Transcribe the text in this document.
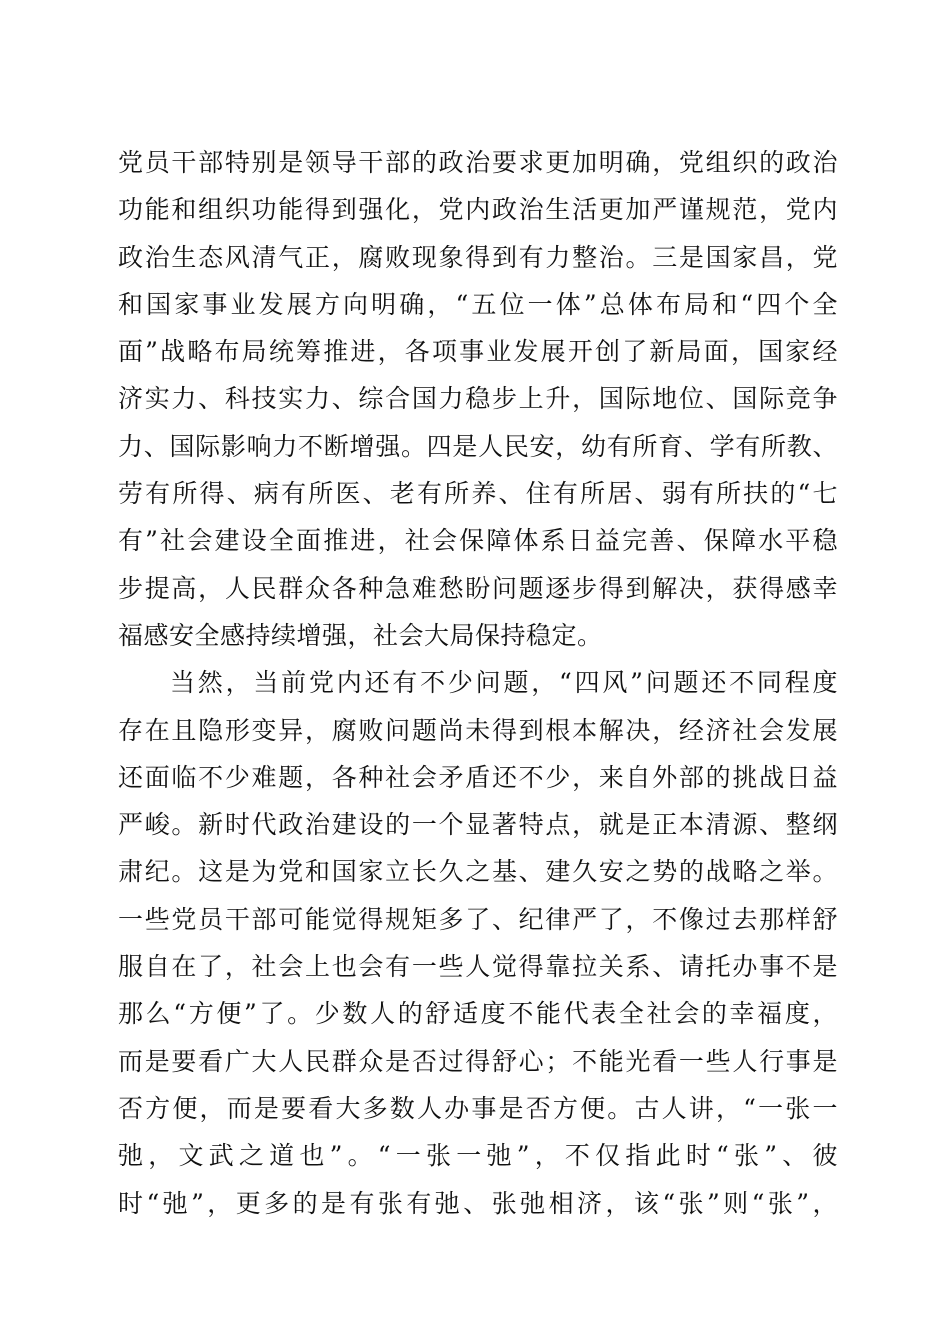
党员干部特别是领导干部的政治要求更加明确，党组织的政治
功能和组织功能得到强化，党内政治生活更加严谨规范，党内
政治生态风清气正，腐败现象得到有力整治。三是国家昌，党
和国家事业发展方向明确，“五位一体”总体布局和“四个全
面”战略布局统筹推进，各项事业发展开创了新局面，国家经
济实力、科技实力、综合国力稳步上升，国际地位、国际竞争
力、国际影响力不断增强。四是人民安，幼有所育、学有所教、
劳有所得、病有所医、老有所养、住有所居、弱有所扶的“七
有”社会建设全面推进，社会保障体系日益完善、保障水平稳
步提高，人民群众各种急难愁盼问题逐步得到解决，获得感幸
福感安全感持续增强，社会大局保持稳定。
当然，当前党内还有不少问题，“四风”问题还不同程度
存在且隐形变异，腐败问题尚未得到根本解决，经济社会发展
还面临不少难题，各种社会矛盾还不少，来自外部的挑战日益
严峻。新时代政治建设的一个显著特点，就是正本清源、整纲
肃纪。这是为党和国家立长久之基、建久安之势的战略之举。
一些党员干部可能觉得规矩多了、纪律严了，不像过去那样舒
服自在了，社会上也会有一些人觉得靠拉关系、请托办事不是
那么“方便”了。少数人的舒适度不能代表全社会的幸福度，
而是要看广大人民群众是否过得舒心；不能光看一些人行事是
否方便，而是要看大多数人办事是否方便。古人讲，“一张一
弛，文武之道也”。“一张一弛”，不仅指此时“张”、彼
时“弛”，更多的是有张有弛、张弛相济，该“张”则“张”，
